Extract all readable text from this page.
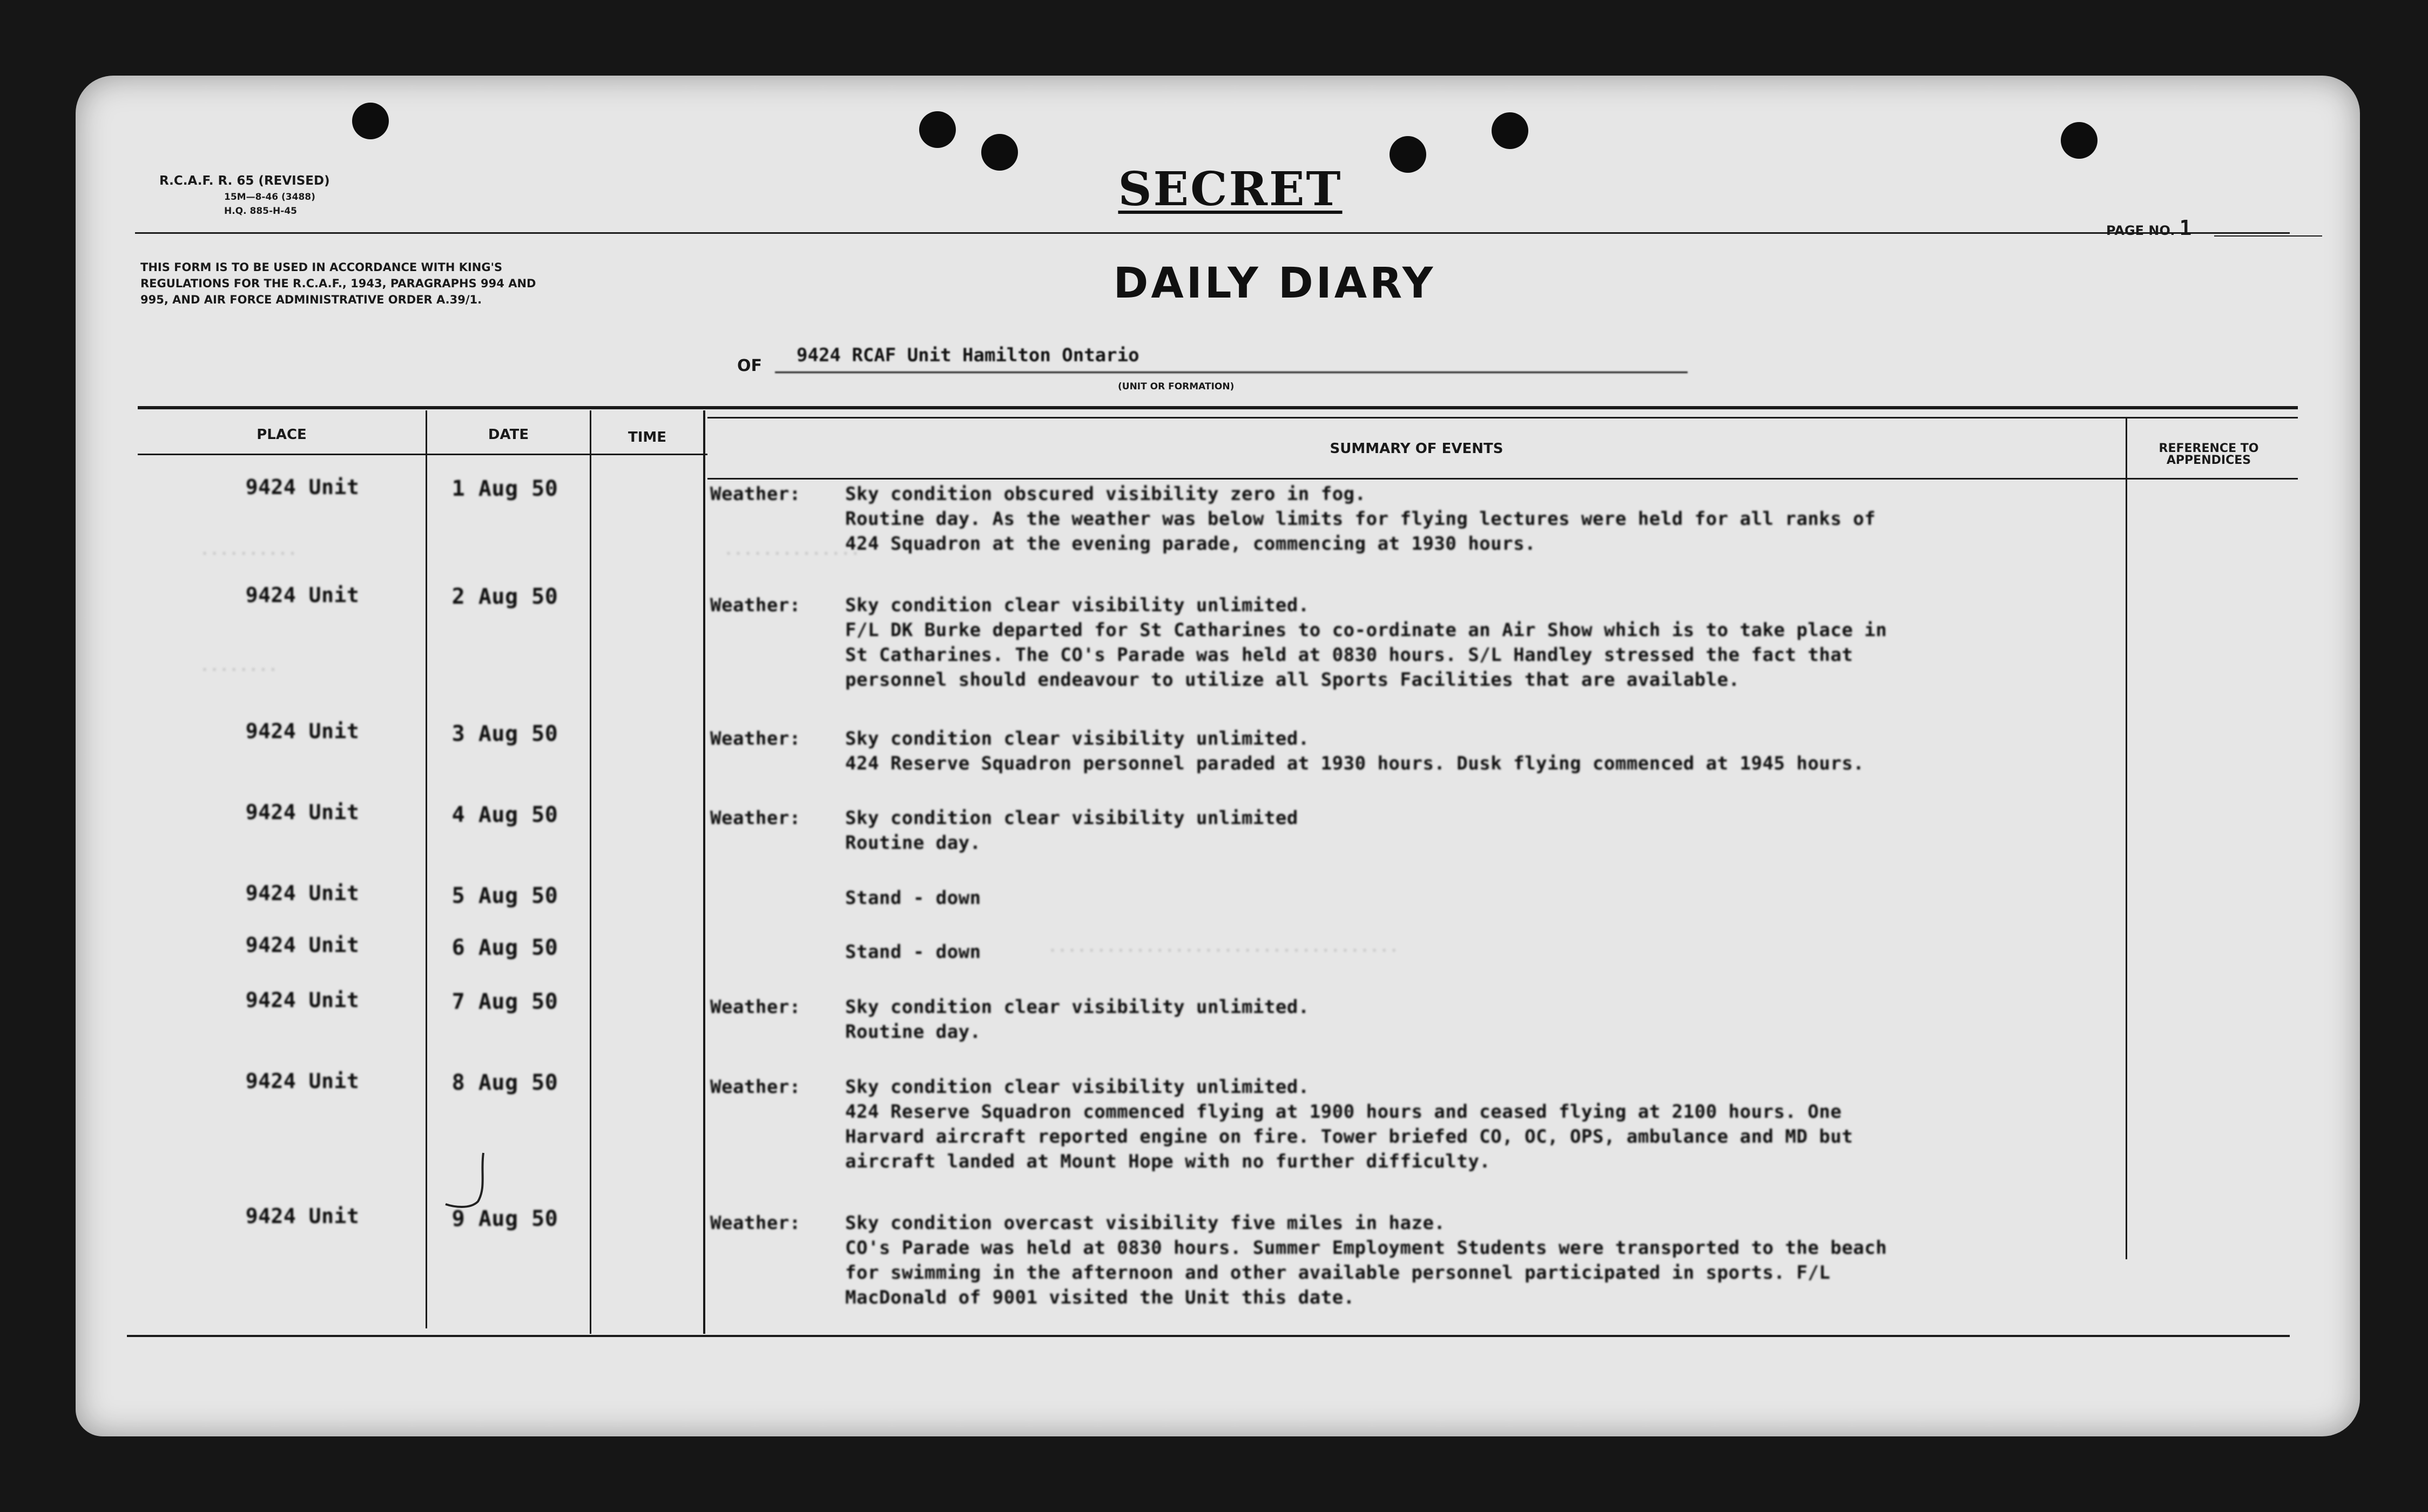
R.C.A.F. R. 65 (REVISED)
15M—8-46 (3488)
H.Q. 885-H-45	SECRET
PAGE NO. 1
THIS FORM IS TO BE USED IN ACCORDANCE WITH KING'S REGULATIONS FOR THE R.C.A.F., 1943, PARAGRAPHS 994 AND 995, AND AIR FORCE ADMINISTRATIVE ORDER A.39/1.	DAILY DIARY
OF	9424 RCAF Unit Hamilton Ontario
(UNIT OR FORMATION)
PLACE	DATE	TIME
SUMMARY OF EVENTS	REFERENCE TO APPENDICES
..........	..............
........
....................................
9424 Unit	1 Aug 50	Weather: Sky condition obscured visibility zero in fog.
Routine day. As the weather was below limits for flying lectures were held for all ranks of
424 Squadron at the evening parade, commencing at 1930 hours.
9424 Unit	2 Aug 50	Weather: Sky condition clear visibility unlimited.
F/L DK Burke departed for St Catharines to co-ordinate an Air Show which is to take place in
St Catharines. The CO's Parade was held at 0830 hours. S/L Handley stressed the fact that
personnel should endeavour to utilize all Sports Facilities that are available.
9424 Unit	3 Aug 50	Weather: Sky condition clear visibility unlimited.
424 Reserve Squadron personnel paraded at 1930 hours. Dusk flying commenced at 1945 hours.
9424 Unit	4 Aug 50	Weather: Sky condition clear visibility unlimited
Routine day.
9424 Unit	5 Aug 50	Stand - down
9424 Unit	6 Aug 50	Stand - down
9424 Unit	7 Aug 50	Weather: Sky condition clear visibility unlimited.
Routine day.
9424 Unit	8 Aug 50	Weather: Sky condition clear visibility unlimited.
424 Reserve Squadron commenced flying at 1900 hours and ceased flying at 2100 hours. One
Harvard aircraft reported engine on fire. Tower briefed CO, OC, OPS, ambulance and MD but
aircraft landed at Mount Hope with no further difficulty.
9424 Unit	9 Aug 50	Weather: Sky condition overcast visibility five miles in haze.
CO's Parade was held at 0830 hours. Summer Employment Students were transported to the beach
for swimming in the afternoon and other available personnel participated in sports. F/L
MacDonald of 9001 visited the Unit this date.
